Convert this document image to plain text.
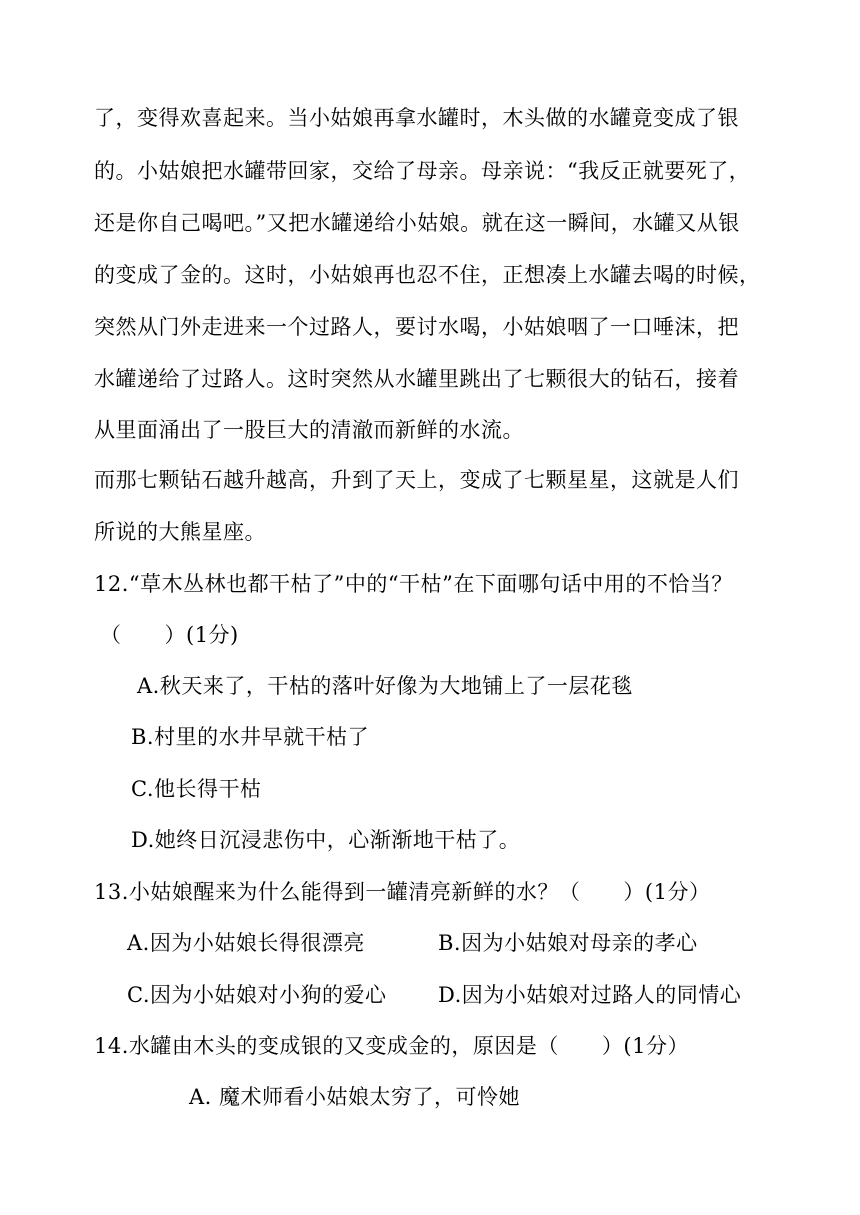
了，变得欢喜起来。当小姑娘再拿水罐时，木头做的水罐竟变成了银
的。小姑娘把水罐带回家，交给了母亲。母亲说：“我反正就要死了，
还是你自己喝吧。”又把水罐递给小姑娘。就在这一瞬间，水罐又从银
的变成了金的。这时，小姑娘再也忍不住，正想凑上水罐去喝的时候，
突然从门外走进来一个过路人，要讨水喝，小姑娘咽了一口唾沫，把
水罐递给了过路人。这时突然从水罐里跳出了七颗很大的钻石，接着
从里面涌出了一股巨大的清澈而新鲜的水流。
而那七颗钻石越升越高，升到了天上，变成了七颗星星，这就是人们
所说的大熊星座。
12.“草木丛林也都干枯了”中的“干枯”在下面哪句话中用的不恰当？
（　　）(1分)
A.秋天来了，干枯的落叶好像为大地铺上了一层花毯
B.村里的水井早就干枯了
C.他长得干枯
D.她终日沉浸悲伤中，心渐渐地干枯了。
13.小姑娘醒来为什么能得到一罐清亮新鲜的水？（　　）(1分）
A.因为小姑娘长得很漂亮	B.因为小姑娘对母亲的孝心
C.因为小姑娘对小狗的爱心 D.因为小姑娘对过路人的同情心
14.水罐由木头的变成银的又变成金的，原因是（　　）(1分）
A. 魔术师看小姑娘太穷了，可怜她
